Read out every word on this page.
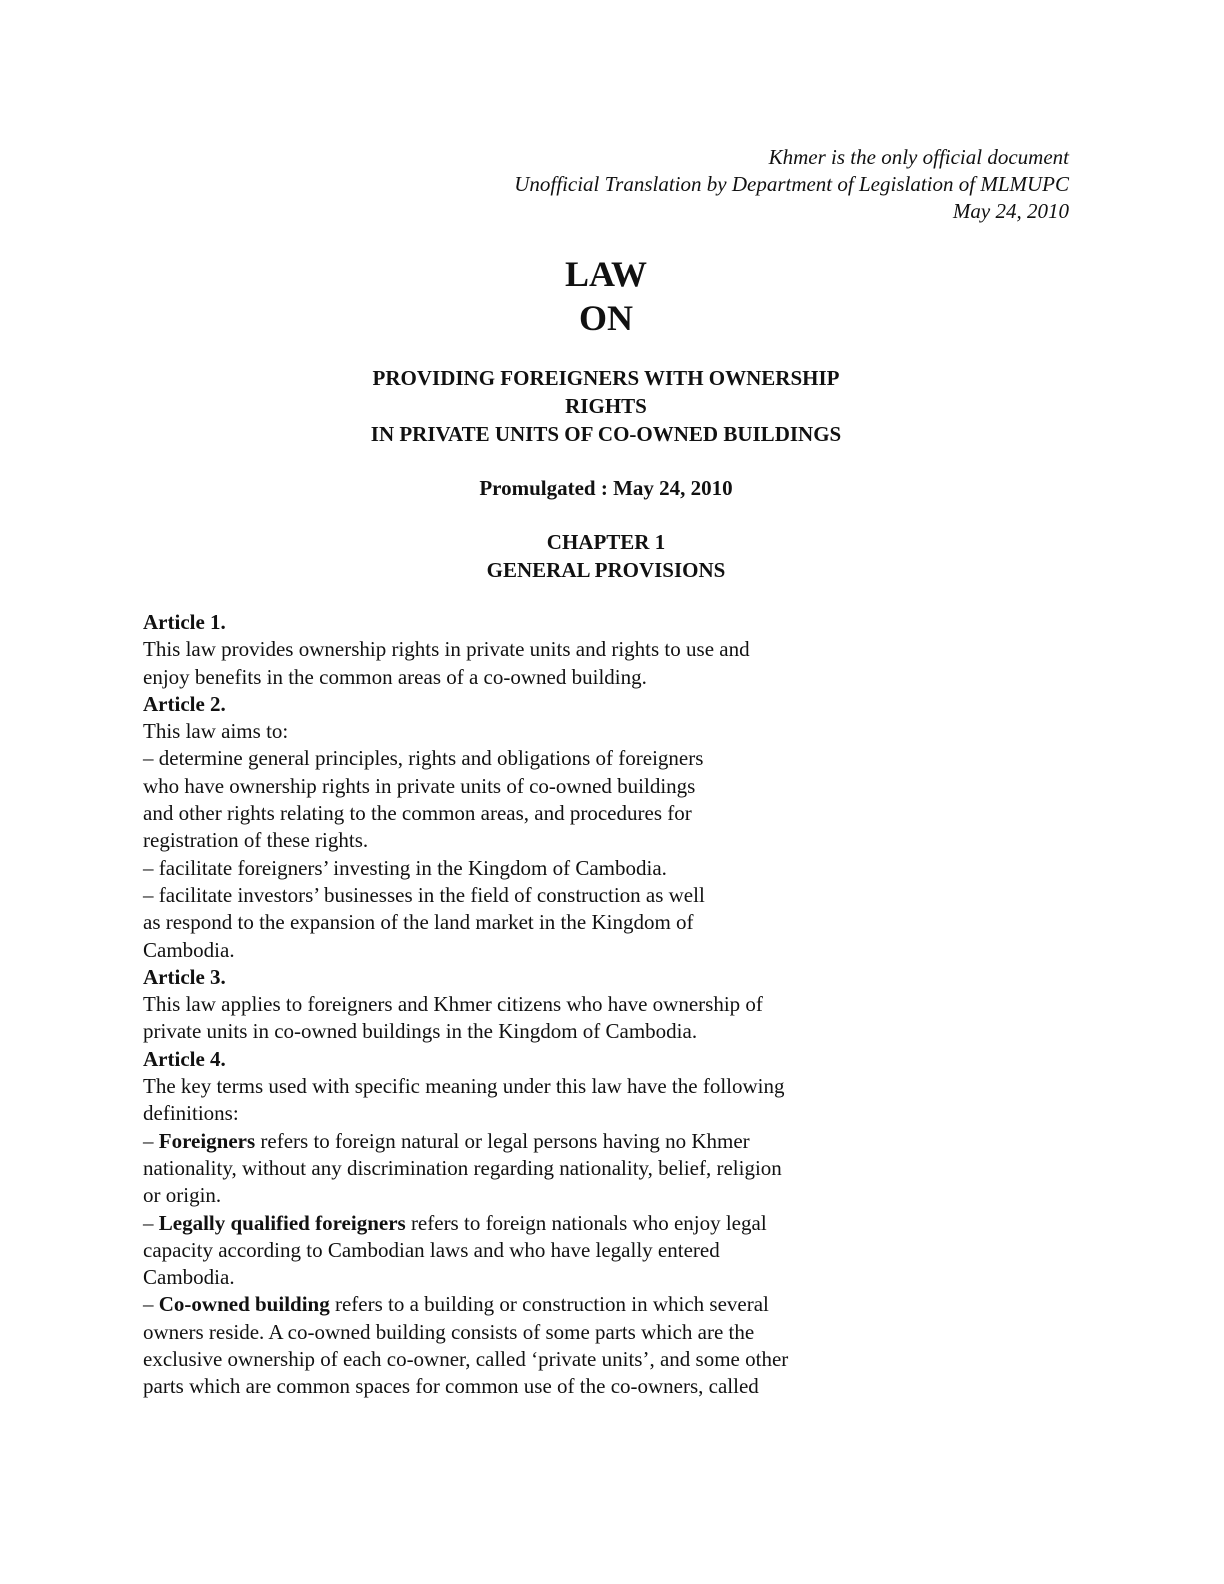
Khmer is the only official document
Unofficial Translation by Department of Legislation of MLMUPC
May 24, 2010
LAW
ON
PROVIDING FOREIGNERS WITH OWNERSHIP
RIGHTS
IN PRIVATE UNITS OF CO-OWNED BUILDINGS
Promulgated : May 24, 2010
CHAPTER 1
GENERAL PROVISIONS
Article 1.
This law provides ownership rights in private units and rights to use and
enjoy benefits in the common areas of a co-owned building.
Article 2.
This law aims to:
– determine general principles, rights and obligations of foreigners
who have ownership rights in private units of co-owned buildings
and other rights relating to the common areas, and procedures for
registration of these rights.
– facilitate foreigners’ investing in the Kingdom of Cambodia.
– facilitate investors’ businesses in the field of construction as well
as respond to the expansion of the land market in the Kingdom of
Cambodia.
Article 3.
This law applies to foreigners and Khmer citizens who have ownership of
private units in co-owned buildings in the Kingdom of Cambodia.
Article 4.
The key terms used with specific meaning under this law have the following
definitions:
– Foreigners refers to foreign natural or legal persons having no Khmer
nationality, without any discrimination regarding nationality, belief, religion
or origin.
– Legally qualified foreigners refers to foreign nationals who enjoy legal
capacity according to Cambodian laws and who have legally entered
Cambodia.
– Co-owned building refers to a building or construction in which several
owners reside. A co-owned building consists of some parts which are the
exclusive ownership of each co-owner, called ‘private units’, and some other
parts which are common spaces for common use of the co-owners, called
